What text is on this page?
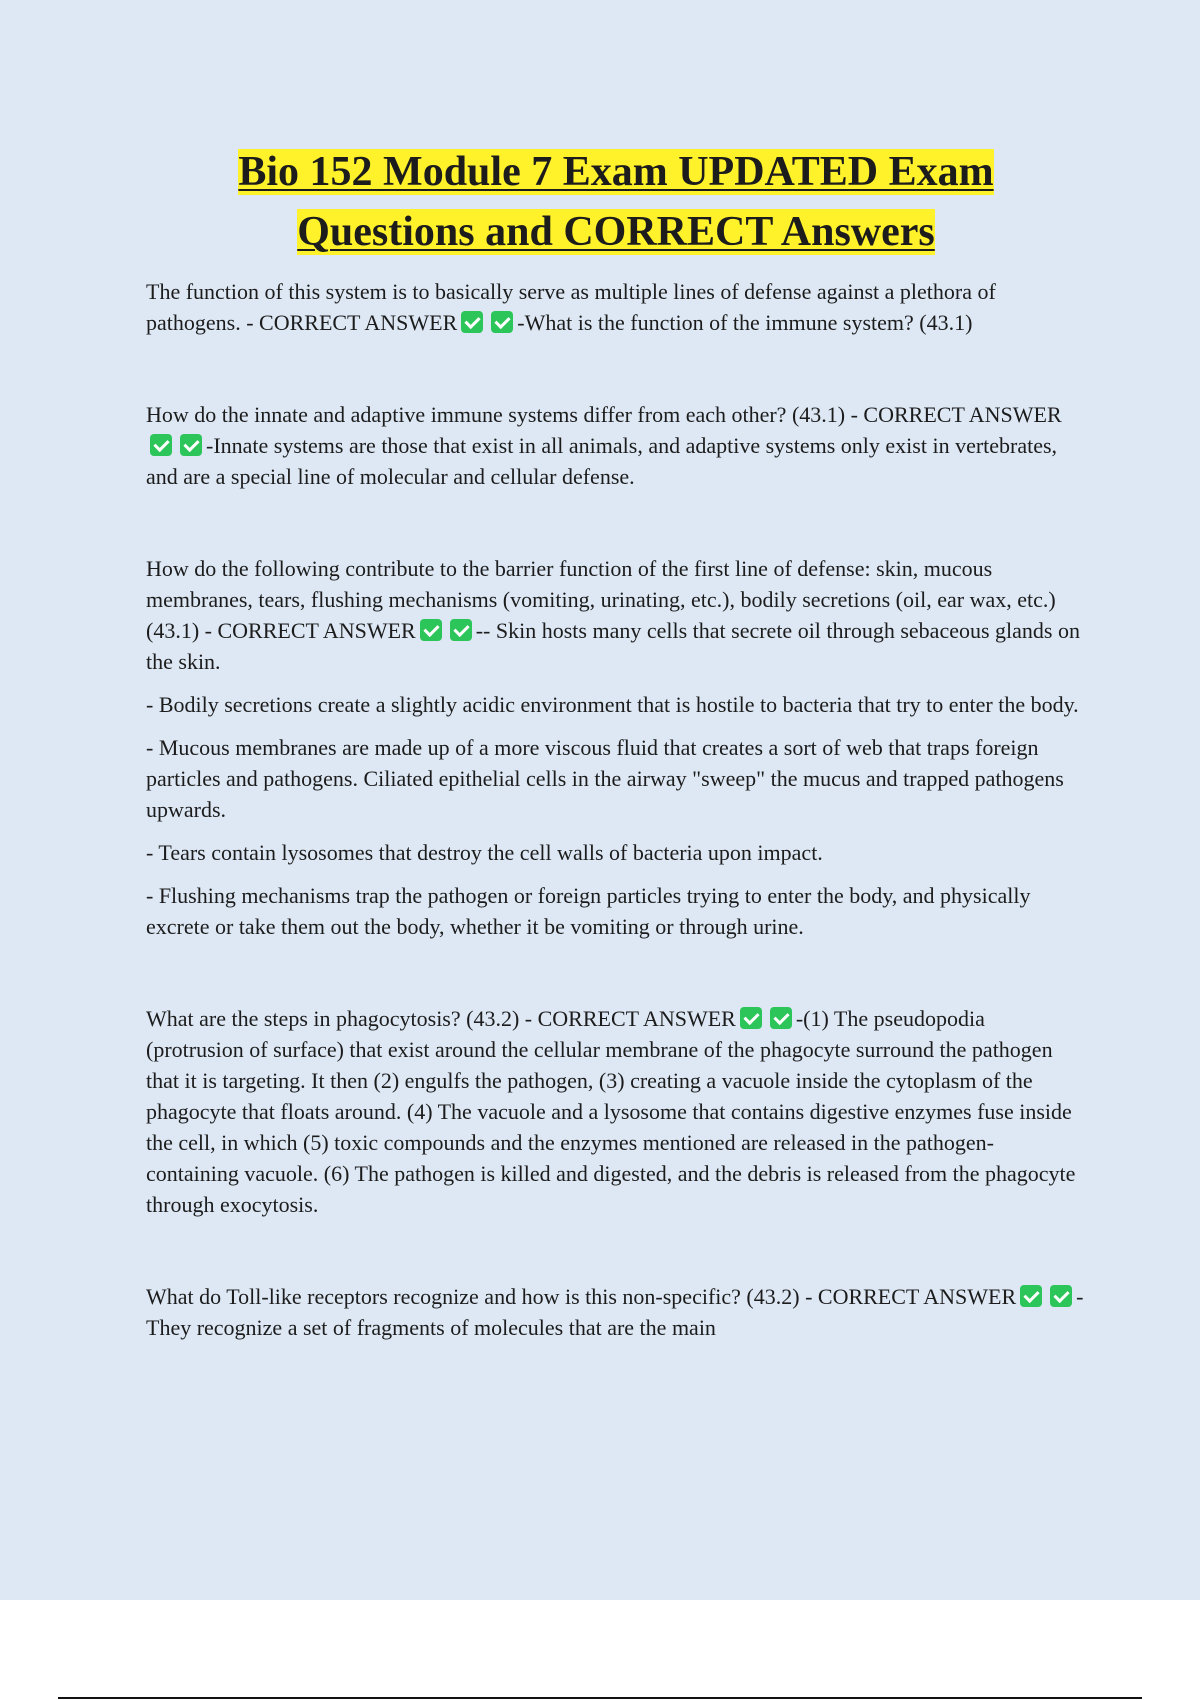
Bio 152 Module 7 Exam UPDATED Exam
Questions and CORRECT Answers

The function of this system is to basically serve as multiple lines of defense against a plethora of pathogens. - CORRECT ANSWER	-What is the function of the immune system? (43.1)

How do the innate and adaptive immune systems differ from each other? (43.1) - CORRECT ANSWER-Innate systems are those that exist in all animals, and adaptive systems only exist in vertebrates, and are a special line of molecular and cellular defense.

How do the following contribute to the barrier function of the first line of defense: skin, mucous membranes, tears, flushing mechanisms (vomiting, urinating, etc.), bodily secretions (oil, ear wax, etc.) (43.1) - CORRECT ANSWER	-- Skin hosts many cells that secrete oil through sebaceous glands on the skin.

- Bodily secretions create a slightly acidic environment that is hostile to bacteria that try to enter the body.

- Mucous membranes are made up of a more viscous fluid that creates a sort of web that traps foreign particles and pathogens. Ciliated epithelial cells in the airway "sweep" the mucus and trapped pathogens upwards.

- Tears contain lysosomes that destroy the cell walls of bacteria upon impact.

- Flushing mechanisms trap the pathogen or foreign particles trying to enter the body, and physically excrete or take them out the body, whether it be vomiting or through urine.

What are the steps in phagocytosis? (43.2) - CORRECT ANSWER	-(1) The pseudopodia (protrusion of surface) that exist around the cellular membrane of the phagocyte surround the pathogen that it is targeting. It then (2) engulfs the pathogen, (3) creating a vacuole inside the cytoplasm of the phagocyte that floats around. (4) The vacuole and a lysosome that contains digestive enzymes fuse inside the cell, in which (5) toxic compounds and the enzymes mentioned are released in the pathogen-containing vacuole. (6) The pathogen is killed and digested, and the debris is released from the phagocyte through exocytosis.

What do Toll-like receptors recognize and how is this non-specific? (43.2) - CORRECT ANSWER	-They recognize a set of fragments of molecules that are the main
